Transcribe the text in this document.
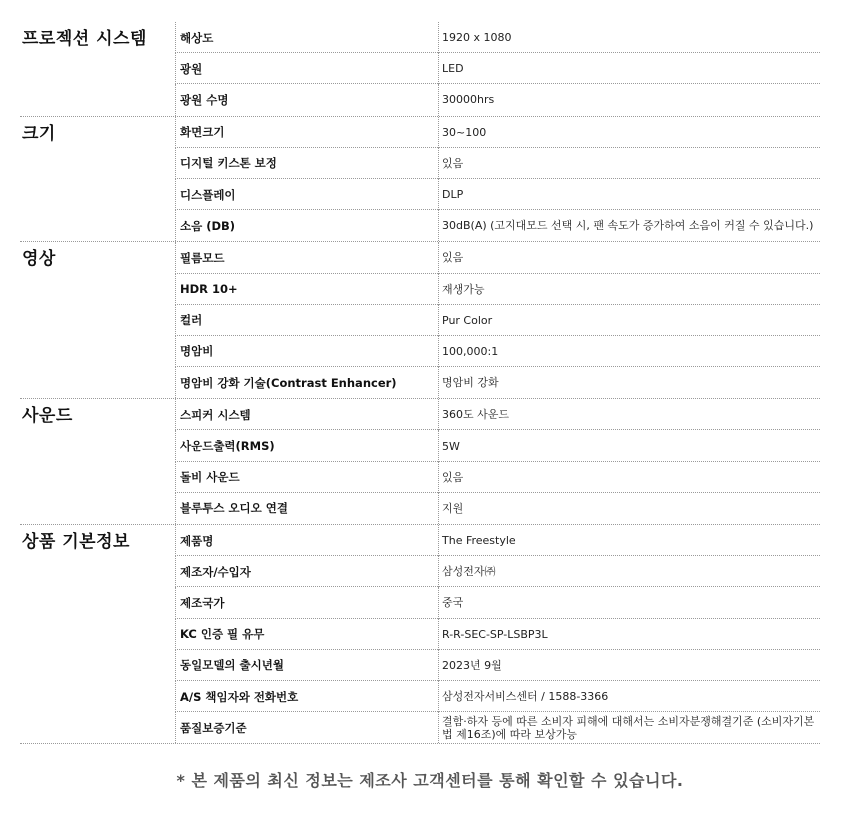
프로젝션 시스템	해상도	1920 x 1080
광원	LED
광원 수명	30000hrs
크기	화면크기	30~100
디지털 키스톤 보정	있음
디스플레이	DLP
소음 (DB)	30dB(A) (고지대모드 선택 시, 팬 속도가 증가하여 소음이 커질 수 있습니다.)
영상	필름모드	있음
HDR 10+	재생가능
컬러	Pur Color
명암비	100,000:1
명암비 강화 기술(Contrast Enhancer)	명암비 강화
사운드	스피커 시스템	360도 사운드
사운드출력(RMS)	5W
돌비 사운드	있음
블루투스 오디오 연결	지원
상품 기본정보	제품명	The Freestyle
제조자/수입자	삼성전자㈜
제조국가	중국
KC 인증 필 유무	R-R-SEC-SP-LSBP3L
동일모델의 출시년월	2023년 9월
A/S 책임자와 전화번호	삼성전자서비스센터 / 1588-3366
품질보증기준	결함·하자 등에 따른 소비자 피해에 대해서는 소비자분쟁해결기준 (소비자기본법 제16조)에 따라 보상가능
* 본 제품의 최신 정보는 제조사 고객센터를 통해 확인할 수 있습니다.
